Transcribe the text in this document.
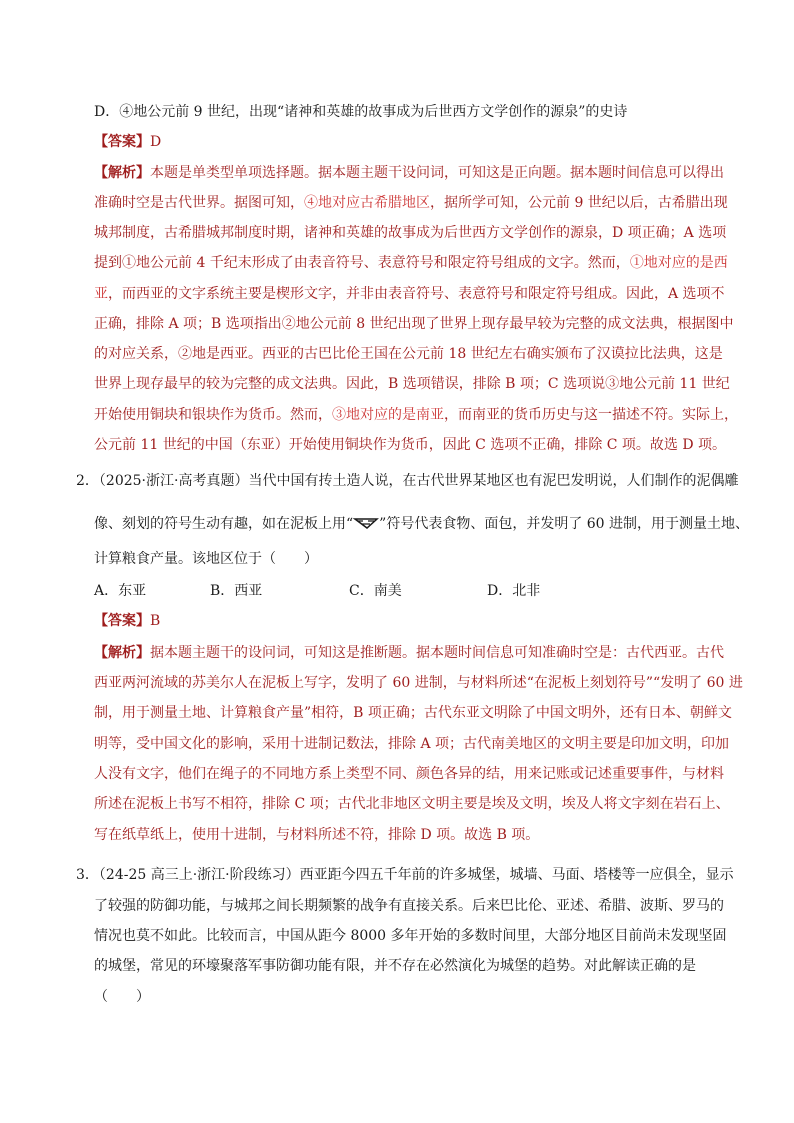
D．④地公元前 9 世纪，出现“诸神和英雄的故事成为后世西方文学创作的源泉”的史诗
【答案】D
【解析】本题是单类型单项选择题。据本题主题干设问词，可知这是正向题。据本题时间信息可以得出
准确时空是古代世界。据图可知，④地对应古希腊地区，据所学可知，公元前 9 世纪以后，古希腊出现
城邦制度，古希腊城邦制度时期，诸神和英雄的故事成为后世西方文学创作的源泉，D 项正确；A 选项
提到①地公元前 4 千纪末形成了由表音符号、表意符号和限定符号组成的文字。然而，①地对应的是西
亚，而西亚的文字系统主要是楔形文字，并非由表音符号、表意符号和限定符号组成。因此，A 选项不
正确，排除 A 项；B 选项指出②地公元前 8 世纪出现了世界上现存最早较为完整的成文法典，根据图中
的对应关系，②地是西亚。西亚的古巴比伦王国在公元前 18 世纪左右确实颁布了汉谟拉比法典，这是
世界上现存最早的较为完整的成文法典。因此，B 选项错误，排除 B 项；C 选项说③地公元前 11 世纪
开始使用铜块和银块作为货币。然而，③地对应的是南亚，而南亚的货币历史与这一描述不符。实际上，
公元前 11 世纪的中国（东亚）开始使用铜块作为货币，因此 C 选项不正确，排除 C 项。故选 D 项。
2．（2025·浙江·高考真题）当代中国有抟土造人说，在古代世界某地区也有泥巴发明说，人们制作的泥偶雕
像、刻划的符号生动有趣，如在泥板上用“ ”符号代表食物、面包，并发明了 60 进制，用于测量土地、
计算粮食产量。该地区位于（　　）
A．东亚	B．西亚	C．南美	D．北非
【答案】B
【解析】据本题主题干的设问词，可知这是推断题。据本题时间信息可知准确时空是：古代西亚。古代
西亚两河流域的苏美尔人在泥板上写字，发明了 60 进制，与材料所述“在泥板上刻划符号”“发明了 60 进
制，用于测量土地、计算粮食产量”相符，B 项正确；古代东亚文明除了中国文明外，还有日本、朝鲜文
明等，受中国文化的影响，采用十进制记数法，排除 A 项；古代南美地区的文明主要是印加文明，印加
人没有文字，他们在绳子的不同地方系上类型不同、颜色各异的结，用来记账或记述重要事件，与材料
所述在泥板上书写不相符，排除 C 项；古代北非地区文明主要是埃及文明，埃及人将文字刻在岩石上、
写在纸草纸上，使用十进制，与材料所述不符，排除 D 项。故选 B 项。
3．（24-25 高三上·浙江·阶段练习）西亚距今四五千年前的许多城堡，城墙、马面、塔楼等一应俱全，显示
了较强的防御功能，与城邦之间长期频繁的战争有直接关系。后来巴比伦、亚述、希腊、波斯、罗马的
情况也莫不如此。比较而言，中国从距今 8000 多年开始的多数时间里，大部分地区目前尚未发现坚固
的城堡，常见的环壕聚落军事防御功能有限，并不存在必然演化为城堡的趋势。对此解读正确的是
（　　）
